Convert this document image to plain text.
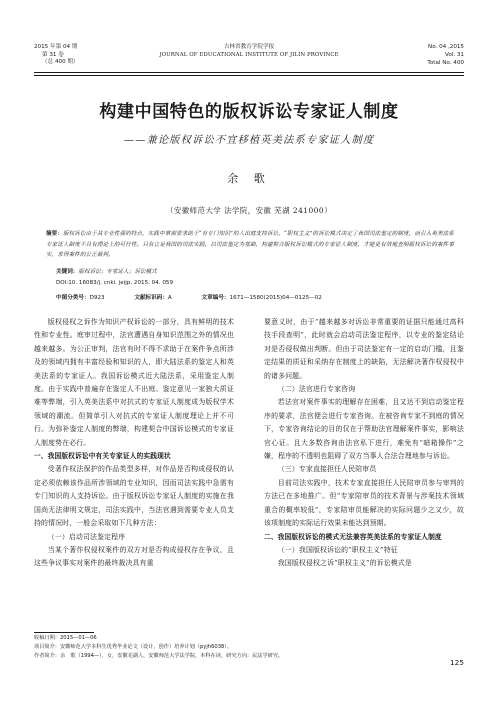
2015 年第 04 期
第 31 卷
（总 400 期）
吉林省教育学院学报
JOURNAL OF EDUCATIONAL INSTITUTE OF JILIN PROVINCE
No. 04 ,2015
Vol. 31
Total No. 400
构建中国特色的版权诉讼专家证人制度
——兼论版权诉讼不宜移植英美法系专家证人制度
余 歌
（安徽师范大学 法学院，安徽 芜湖 241000）
摘要：版权诉讼由于其专业性强的特点，实践中常需要求助于“有专门知识”的人出庭支持诉讼。“职权主义”的诉讼模式决定了我国司法鉴定的制度，而引入英美法系专家证人制度不具有理论上的可行性。只有立足我国的司法实践，以司法鉴定为基础，构建契合版权诉讼模式的专家证人制度，才能更有效地查明版权诉讼的案件事实，求得案件的公正裁判。
关键词：版权诉讼；专家证人；诉讼模式
DOI:10. 16083/j. cnki. jeijp. 2015. 04. 059
中图分类号：D923	文献标识码：A	文章编号：1671—1580(2015)04—0125—02

版权侵权之诉作为知识产权诉讼的一部分，具有鲜明的技术性和专业性。庭审过程中，法官遭遇自身知识范围之外的情况也越来越多。为公正审判，法官有时不得不求助于在案件争点所涉及的领域内拥有丰富经验和知识的人，即大陆法系的鉴定人和英美法系的专家证人。我国诉讼模式近大陆法系，采用鉴定人制度。由于实践中普遍存在鉴定人不出庭、鉴定意见一家独大质证难等弊端，引入英美法系中对抗式的专家证人制度成为版权学术领域的潮流。但简单引入对抗式的专家证人制度理论上并不可行。为弥补鉴定人制度的弊端，构建契合中国诉讼模式的专家证人制度势在必行。

一、我国版权诉讼中有关专家证人的实践现状

受著作权法保护的作品类型多样，对作品是否构成侵权的认定必须依赖该作品所涉领域的专业知识，因而司法实践中急需有专门知识的人支持诉讼。由于版权诉讼专家证人制度的实施在我国尚无法律明文规定，司法实践中，当法官遇到需要专业人员支持的情况时，一般会采取如下几种方法：

（一）启动司法鉴定程序

当某个著作权侵权案件的双方对是否构成侵权存在争议，且这些争议事实对案件的最终裁决具有重

要意义时，由于“越来越多对诉讼非常重要的证据只能通过高科技手段查明”，此时就会启动司法鉴定程序，以专业的鉴定结论对是否侵权做出判断。但由于司法鉴定有一定的启动门槛，且鉴定结果的质证和采纳存在制度上的缺陷，无法解决著作权侵权中的诸多问题。
（二）法官进行专家咨询

若法官对案件事实的理解存在困难，且又达不到启动鉴定程序的要求，法官便会进行专家咨询。在被咨询专家不到庭的情况下，专家咨询结论的目的仅在于帮助法官理解案件事实，影响法官心证。且大多数咨询由法官私下进行，难免有“暗箱操作”之嫌，程序的不透明也阻碍了双方当事人合法合理地参与诉讼。

（三）专家直接担任人民陪审员

目前司法实践中，技术专家直接担任人民陪审员参与审判的方法已在多地推广。但“专家陪审员的技术背景与涉案技术领域重合的概率较低”，专家陪审员能解决的实际问题少之又少，故该项制度的实际运行效果未能达到预期。

二、我国版权诉讼的模式无法兼容英美法系的专家证人制度
（一）我国版权诉讼的“职权主义”特征

我国版权侵权之诉“职权主义”的诉讼模式是

收稿日期：2015—01—06
项目简介：安徽师范大学本科生优秀毕业论文（设计、创作）培养计划（pyjh6038）。
作者简介：余　歌（1994—），女，安徽芜湖人，安徽师范大学法学院，本科在读，研究方向：民法学研究。
125
